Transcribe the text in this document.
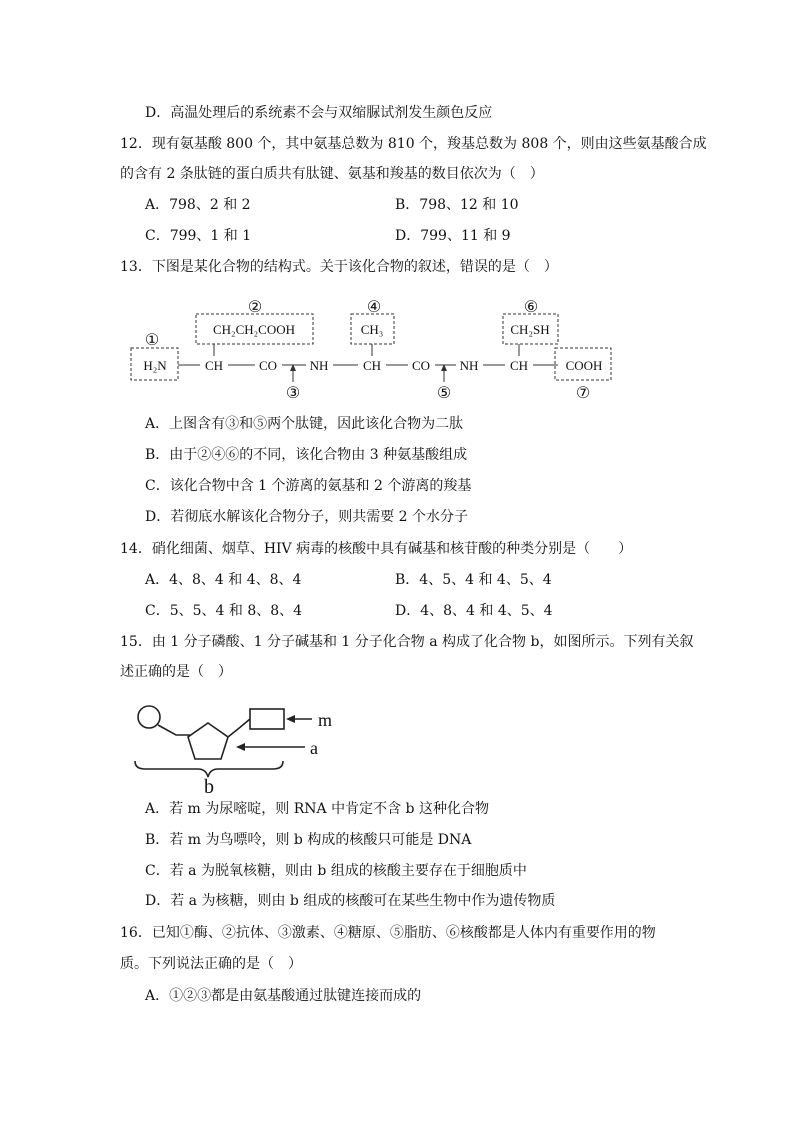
D．高温处理后的系统素不会与双缩脲试剂发生颜色反应
12．现有氨基酸 800 个，其中氨基总数为 810 个，羧基总数为 808 个，则由这些氨基酸合成
的含有 2 条肽链的蛋白质共有肽键、氨基和羧基的数目依次为（　）
A．798、2 和 2	B．798、12 和 10
C．799、1 和 1	D．799、11 和 9
13．下图是某化合物的结构式。关于该化合物的叙述，错误的是（　）
②	④	⑥
①
③	⑤	⑦
CH₂CH₂COOH	CH₃	CH₂SH
H₂N	CH	CO	NH	CH CO NH CH	COOH
A．上图含有③和⑤两个肽键，因此该化合物为二肽
B．由于②④⑥的不同，该化合物由 3 种氨基酸组成
C．该化合物中含 1 个游离的氨基和 2 个游离的羧基
D．若彻底水解该化合物分子，则共需要 2 个水分子
14．硝化细菌、烟草、HIV 病毒的核酸中具有碱基和核苷酸的种类分别是（　　）
A．4、8、4 和 4、8、4	B．4、5、4 和 4、5、4
C．5、5、4 和 8、8、4	D．4、8、4 和 4、5、4
15．由 1 分子磷酸、1 分子碱基和 1 分子化合物 a 构成了化合物 b，如图所示。下列有关叙
述正确的是（　）
m
a
b
A．若 m 为尿嘧啶，则 RNA 中肯定不含 b 这种化合物
B．若 m 为鸟嘌呤，则 b 构成的核酸只可能是 DNA
C．若 a 为脱氧核糖，则由 b 组成的核酸主要存在于细胞质中
D．若 a 为核糖，则由 b 组成的核酸可在某些生物中作为遗传物质
16．已知①酶、②抗体、③激素、④糖原、⑤脂肪、⑥核酸都是人体内有重要作用的物
质。下列说法正确的是（　）
A．①②③都是由氨基酸通过肽键连接而成的
